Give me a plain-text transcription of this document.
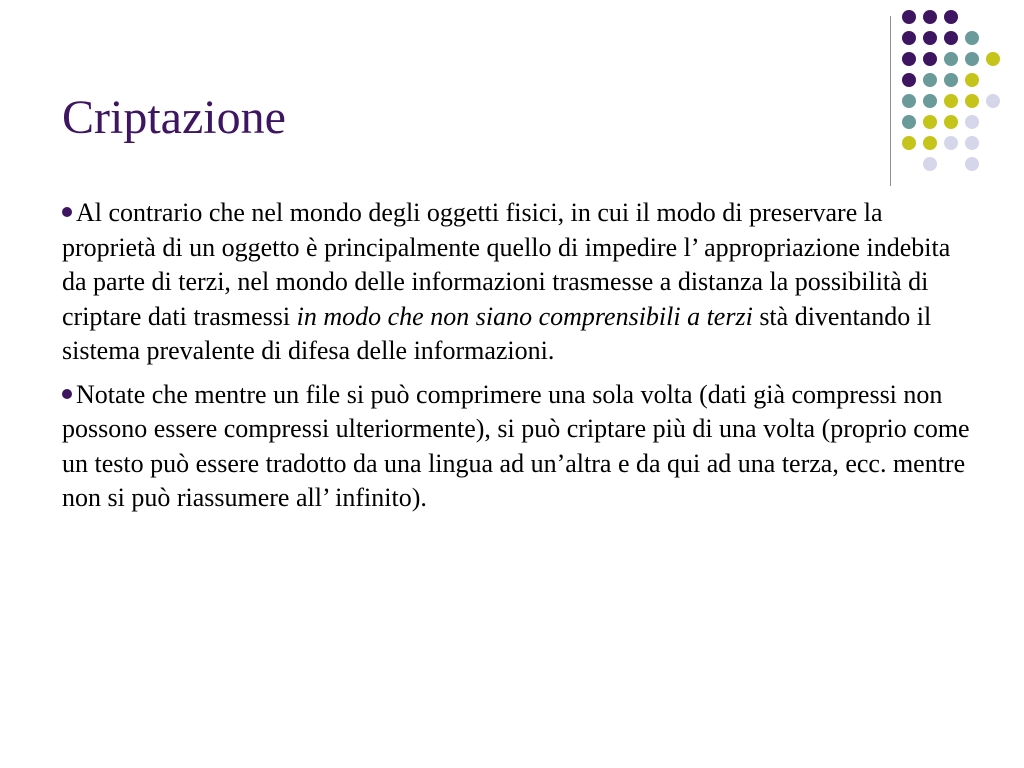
Criptazione

Al contrario che nel mondo degli oggetti fisici, in cui il modo di preservare la proprietà di un oggetto è principalmente quello di impedire l’ appropriazione indebita da parte di terzi, nel mondo delle informazioni trasmesse a distanza la possibilità di criptare dati trasmessi in modo che non siano comprensibili a terzi stà diventando il sistema prevalente di difesa delle informazioni.

Notate che mentre un file si può comprimere una sola volta (dati già compressi non possono essere compressi ulteriormente), si può criptare più di una volta (proprio come un testo può essere tradotto da una lingua ad un’altra e da qui ad una terza, ecc. mentre non si può riassumere all’ infinito).
